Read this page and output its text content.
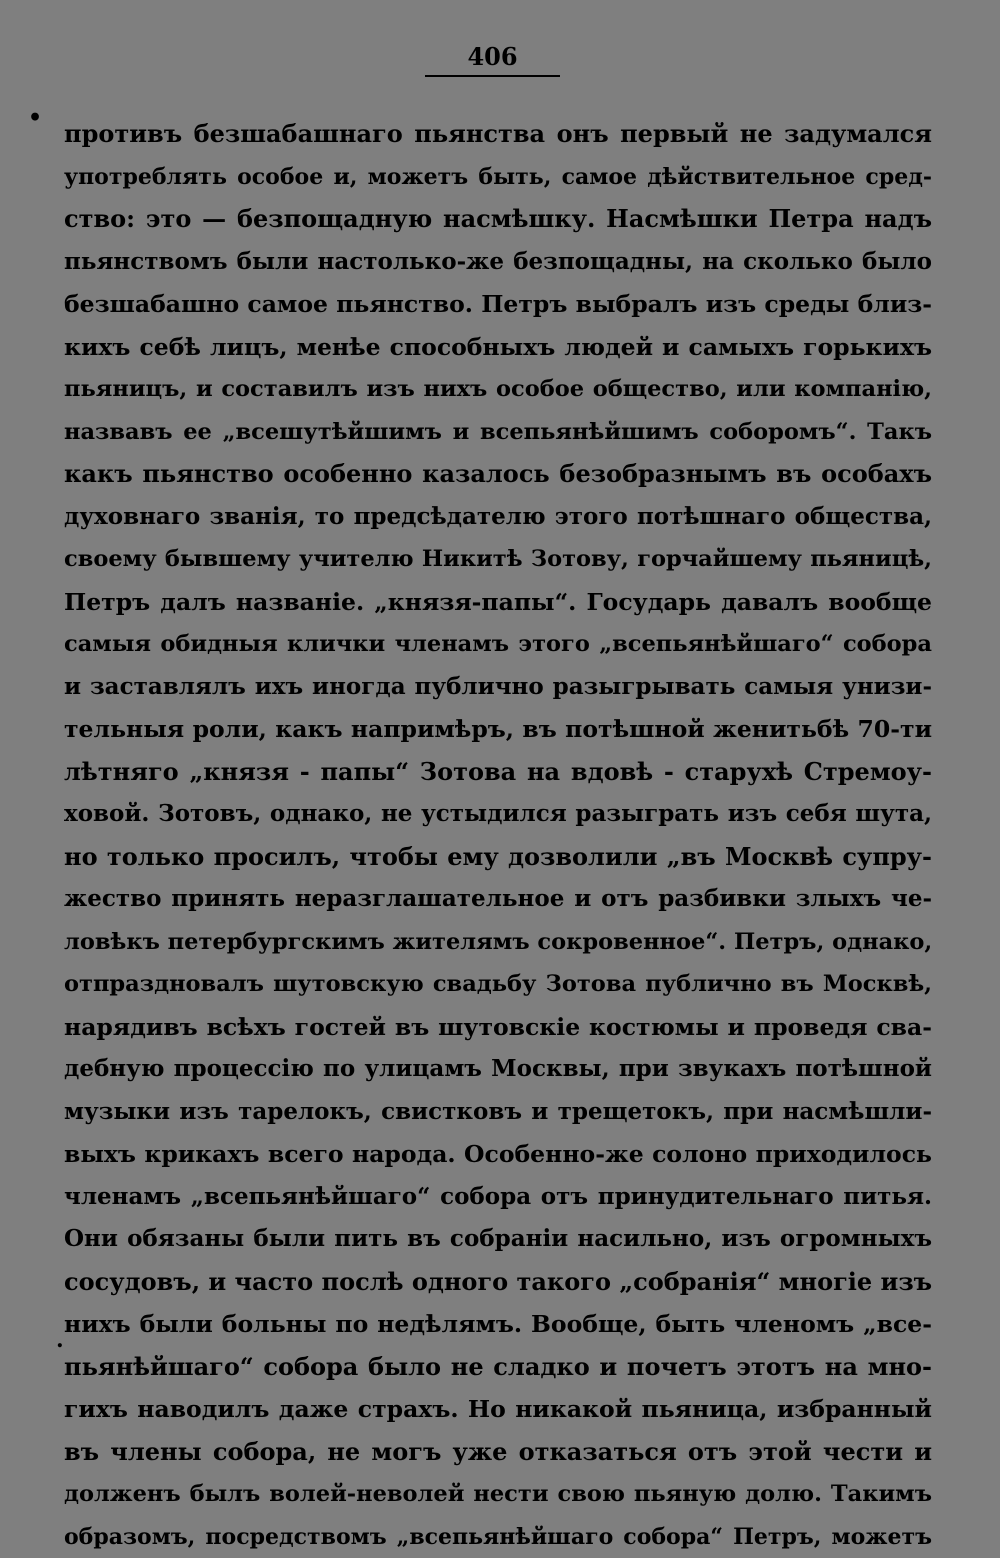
406
•
.
противъ безшабашнаго пьянства онъ первый не задумался
употреблять особое и, можетъ быть, самое дѣйствительное сред-
ство: это — безпощадную насмѣшку. Насмѣшки Петра надъ
пьянствомъ были настолько-же безпощадны, на сколько было
безшабашно самое пьянство. Петръ выбралъ изъ среды близ-
кихъ себѣ лицъ, менѣе способныхъ людей и самыхъ горькихъ
пьяницъ, и составилъ изъ нихъ особое общество, или компанію,
назвавъ ее „всешутѣйшимъ и всепьянѣйшимъ соборомъ“. Такъ
какъ пьянство особенно казалось безобразнымъ въ особахъ
духовнаго званія, то предсѣдателю этого потѣшнаго общества,
своему бывшему учителю Никитѣ Зотову, горчайшему пьяницѣ,
Петръ далъ названіе. „князя-папы“. Государь давалъ вообще
самыя обидныя клички членамъ этого „всепьянѣйшаго“ собора
и заставлялъ ихъ иногда публично разыгрывать самыя унизи-
тельныя роли, какъ напримѣръ, въ потѣшной женитьбѣ 70-ти
лѣтняго „князя - папы“ Зотова на вдовѣ - старухѣ Стремоу-
ховой. Зотовъ, однако, не устыдился разыграть изъ себя шута,
но только просилъ, чтобы ему дозволили „въ Москвѣ супру-
жество принять неразглашательное и отъ разбивки злыхъ че-
ловѣкъ петербургскимъ жителямъ сокровенное“. Петръ, однако,
отпраздновалъ шутовскую свадьбу Зотова публично въ Москвѣ,
нарядивъ всѣхъ гостей въ шутовскіе костюмы и проведя сва-
дебную процессію по улицамъ Москвы, при звукахъ потѣшной
музыки изъ тарелокъ, свистковъ и трещетокъ, при насмѣшли-
выхъ крикахъ всего народа. Особенно-же солоно приходилось
членамъ „всепьянѣйшаго“ собора отъ принудительнаго питья.
Они обязаны были пить въ собраніи насильно, изъ огромныхъ
сосудовъ, и часто послѣ одного такого „собранія“ многіе изъ
нихъ были больны по недѣлямъ. Вообще, быть членомъ „все-
пьянѣйшаго“ собора было не сладко и почетъ этотъ на мно-
гихъ наводилъ даже страхъ. Но никакой пьяница, избранный
въ члены собора, не могъ уже отказаться отъ этой чести и
долженъ былъ волей-неволей нести свою пьяную долю. Такимъ
образомъ, посредствомъ „всепьянѣйшаго собора“ Петръ, можетъ
